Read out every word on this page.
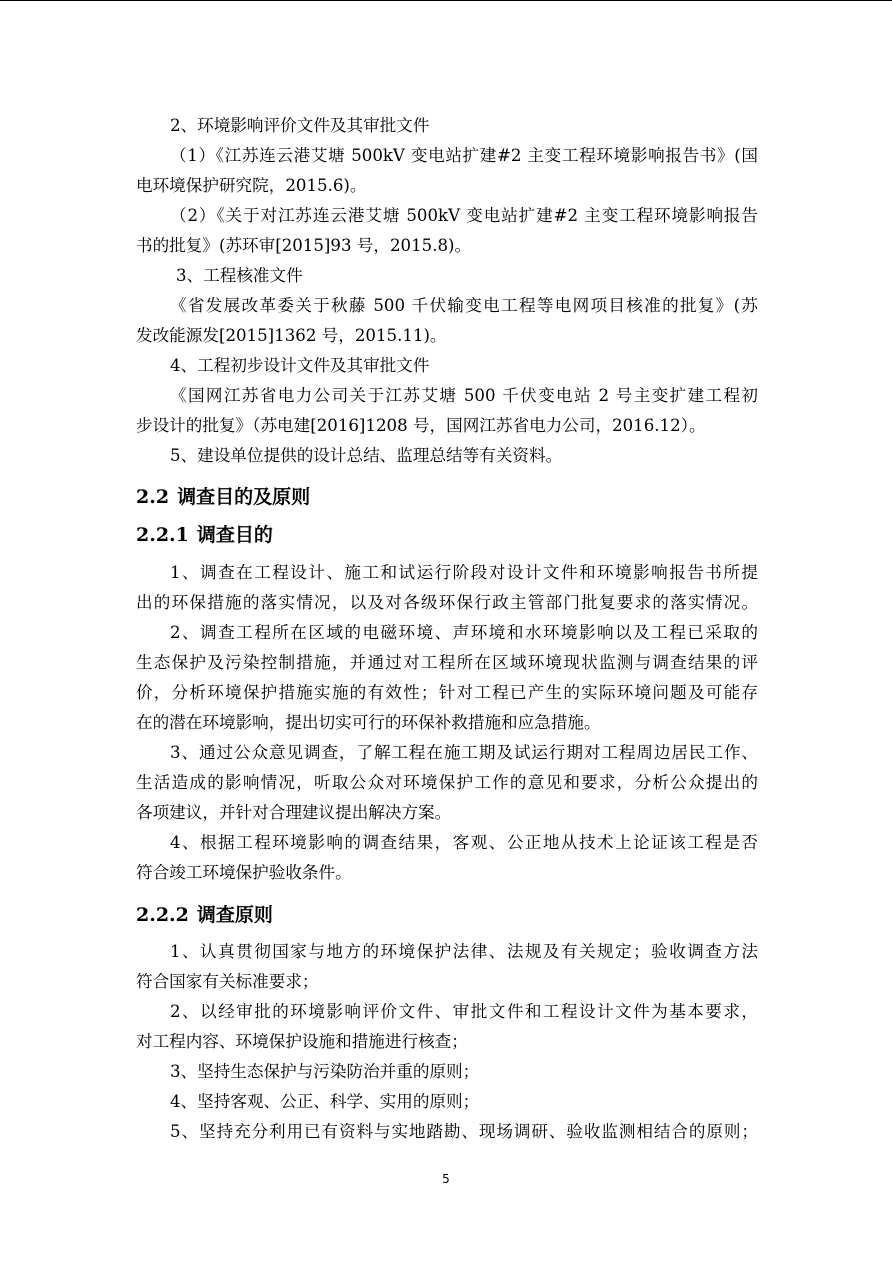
2、环境影响评价文件及其审批文件
（1）《江苏连云港艾塘 500kV 变电站扩建#2 主变工程环境影响报告书》(国
电环境保护研究院，2015.6)。
（2）《关于对江苏连云港艾塘 500kV 变电站扩建#2 主变工程环境影响报告
书的批复》(苏环审[2015]93 号，2015.8)。
3、工程核准文件
《省发展改革委关于秋藤 500 千伏输变电工程等电网项目核准的批复》(苏
发改能源发[2015]1362 号，2015.11)。
4、工程初步设计文件及其审批文件
《国网江苏省电力公司关于江苏艾塘 500 千伏变电站 2 号主变扩建工程初
步设计的批复》（苏电建[2016]1208 号，国网江苏省电力公司，2016.12）。
5、建设单位提供的设计总结、监理总结等有关资料。
2.2 调查目的及原则
2.2.1 调查目的
1、调查在工程设计、施工和试运行阶段对设计文件和环境影响报告书所提
出的环保措施的落实情况，以及对各级环保行政主管部门批复要求的落实情况。
2、调查工程所在区域的电磁环境、声环境和水环境影响以及工程已采取的
生态保护及污染控制措施，并通过对工程所在区域环境现状监测与调查结果的评
价，分析环境保护措施实施的有效性；针对工程已产生的实际环境问题及可能存
在的潜在环境影响，提出切实可行的环保补救措施和应急措施。
3、通过公众意见调查，了解工程在施工期及试运行期对工程周边居民工作、
生活造成的影响情况，听取公众对环境保护工作的意见和要求，分析公众提出的
各项建议，并针对合理建议提出解决方案。
4、根据工程环境影响的调查结果，客观、公正地从技术上论证该工程是否
符合竣工环境保护验收条件。
2.2.2 调查原则
1、认真贯彻国家与地方的环境保护法律、法规及有关规定；验收调查方法
符合国家有关标准要求；
2、以经审批的环境影响评价文件、审批文件和工程设计文件为基本要求，
对工程内容、环境保护设施和措施进行核查；
3、坚持生态保护与污染防治并重的原则；
4、坚持客观、公正、科学、实用的原则；
5、坚持充分利用已有资料与实地踏勘、现场调研、验收监测相结合的原则；
5
